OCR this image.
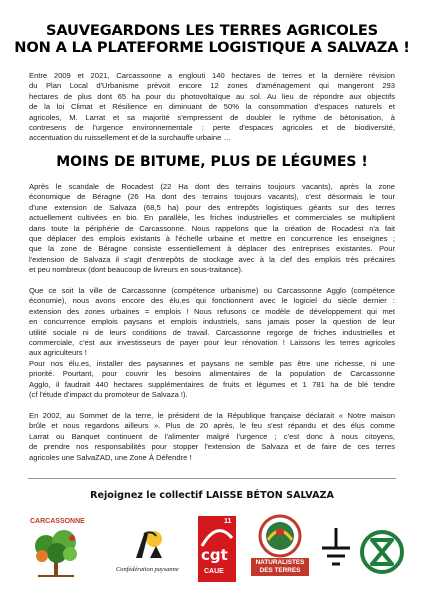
SAUVEGARDONS LES TERRES AGRICOLES
NON A LA PLATEFORME LOGISTIQUE A SALVAZA !
Entre 2009 et 2021, Carcassonne a englouti 140 hectares de terres et la dernière révision
du Plan Local d'Urbanisme prévoit encore 12 zones d'aménagement qui mangeront 293
hectares de plus dont 65 ha pour du photovoltaïque au sol. Au lieu de répondre aux objectifs
de la loi Climat et Résilience en diminuant de 50% la consommation d'espaces naturels et
agricoles, M. Larrat et sa majorité s'empressent de doubler le rythme de bétonisation, à
contresens de l'urgence environnementale : perte d'espaces agricoles et de biodiversité,
accentuation du ruissellement et de la surchauffe urbaine …
MOINS DE BITUME, PLUS DE LÉGUMES !
Après le scandale de Rocadest (22 Ha dont des terrains toujours vacants), après la zone
économique de Béragne (26 Ha dont des terrains toujours vacants), c'est désormais le tour
d'une extension de Salvaza (68,5 ha) pour des entrepôts logistiques géants sur des terres
actuellement cultivées en bio. En parallèle, les friches industrielles et commerciales se multiplient
dans toute la périphérie de Carcassonne. Nous rappelons que la création de Rocadest n'a fait
que déplacer des emplois existants à l'échelle urbaine et mettre en concurrence les enseignes ;
que la zone de Béragne consiste essentiellement à déplacer des entreprises existantes. Pour
l'extension de Salvaza il s'agit d'entrepôts de stockage avec à la clef des emplois très précaires
et peu nombreux (dont beaucoup de livreurs en sous-traitance).
Que ce soit la ville de Carcassonne (compétence urbanisme) ou Carcassonne Agglo (compétence
économie), nous avons encore des élu.es qui fonctionnent avec le logiciel du siècle dernier :
extension des zones urbaines = emplois ! Nous refusons ce modèle de développement qui met
en concurrence emplois paysans et emplois industriels, sans jamais poser la question de leur
utilité sociale ni de leurs conditions de travail. Carcassonne regorge de friches industrielles et
commerciale, c'est aux investisseurs de payer pour leur rénovation ! Laissons les terres agricoles
aux agriculteurs !
Pour nos élu.es, installer des paysannes et paysans ne semble pas être une richesse, ni une
priorité. Pourtant, pour couvrir les besoins alimentaires de la population de Carcassonne
Agglo, il faudrait 440 hectares supplémentaires de fruits et légumes et 1 781 ha de blé tendre
(cf l'étude d'impact du promoteur de Salvaza !).
En 2002, au Sommet de la terre, le président de la République française déclarait « Notre maison
brûle et nous regardons ailleurs ». Plus de 20 après, le feu s'est répandu et des élus comme
Larrat ou Banquet continuent de l'alimenter malgré l'urgence ; c'est donc à nous citoyens,
de prendre nos responsabilités pour stopper l'extension de Salvaza et de faire de ces terres
agricoles une SalvaZAD, une Zone À Défendre !
Rejoignez le collectif LAISSE BÉTON SALVAZA
CARCASSONNE
Confédération paysanne
11
cgt
CAUE
NATURALISTES DES TERRES
